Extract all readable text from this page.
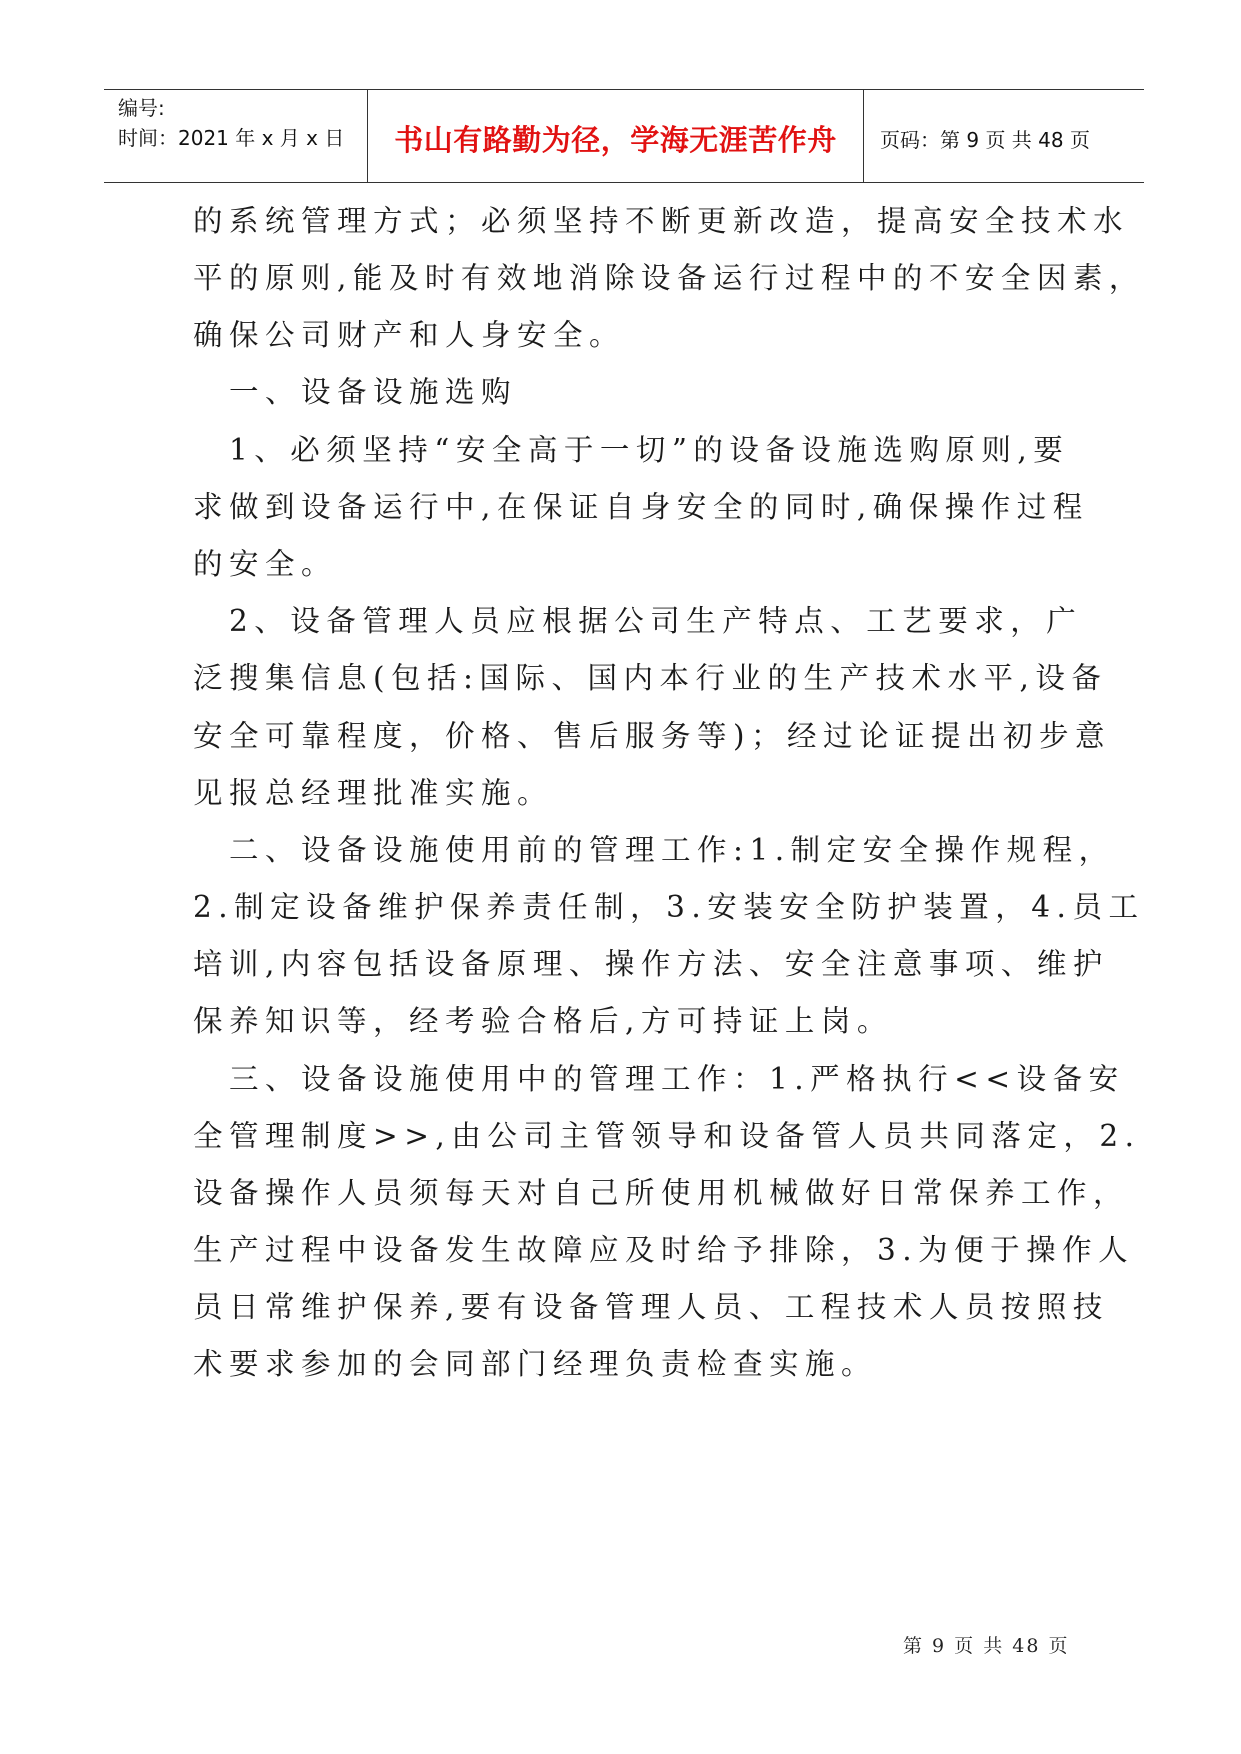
编号:
时间：2021 年 x 月 x 日	书山有路勤为径，学海无涯苦作舟	页码：第 9 页 共 48 页
的系统管理方式；必须坚持不断更新改造，提高安全技术水
平的原则,能及时有效地消除设备运行过程中的不安全因素，
确保公司财产和人身安全。
　一、设备设施选购
　1、必须坚持“安全高于一切”的设备设施选购原则,要
求做到设备运行中,在保证自身安全的同时,确保操作过程
的安全。
　2、设备管理人员应根据公司生产特点、工艺要求，广
泛搜集信息(包括:国际、国内本行业的生产技术水平,设备
安全可靠程度，价格、售后服务等)；经过论证提出初步意
见报总经理批准实施。
　二、设备设施使用前的管理工作:1.制定安全操作规程，
2.制定设备维护保养责任制，3.安装安全防护装置，4.员工
培训,内容包括设备原理、操作方法、安全注意事项、维护
保养知识等，经考验合格后,方可持证上岗。
　三、设备设施使用中的管理工作：1.严格执行<<设备安
全管理制度>>,由公司主管领导和设备管人员共同落定，2.
设备操作人员须每天对自己所使用机械做好日常保养工作，
生产过程中设备发生故障应及时给予排除，3.为便于操作人
员日常维护保养,要有设备管理人员、工程技术人员按照技
术要求参加的会同部门经理负责检查实施。
第 9 页 共 48 页
